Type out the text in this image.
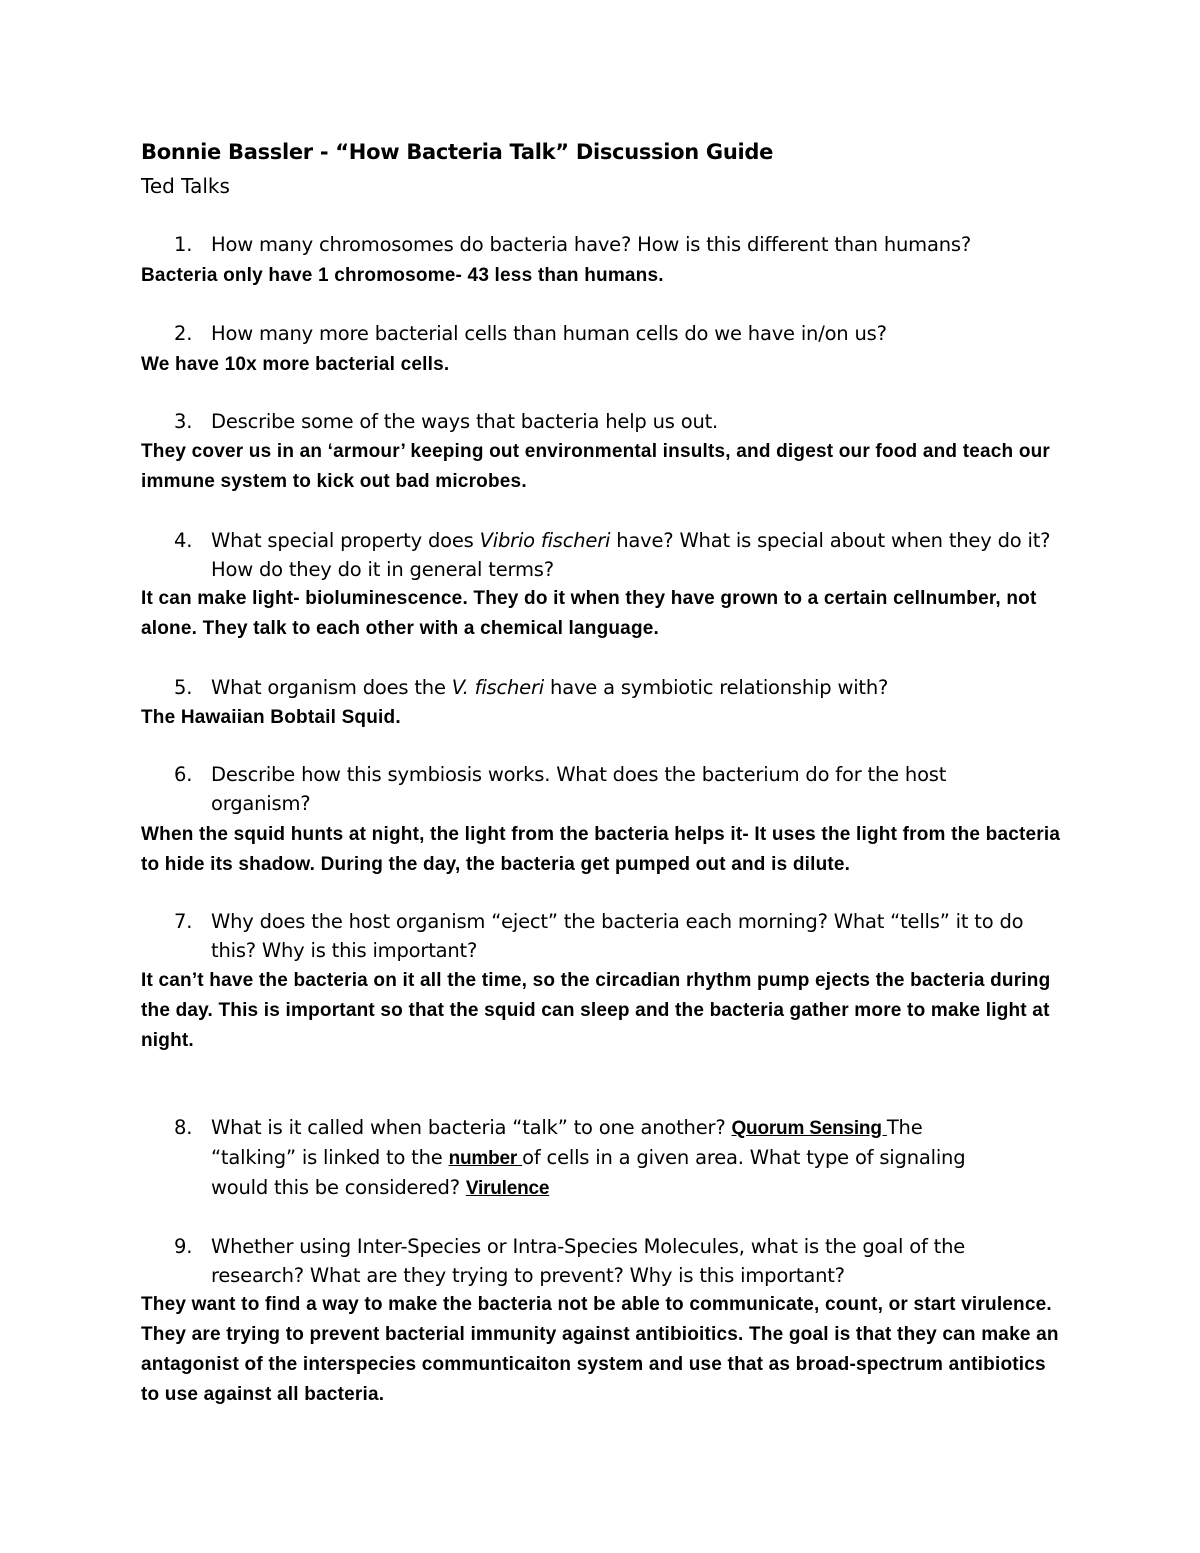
Bonnie Bassler - “How Bacteria Talk” Discussion Guide
Ted Talks
1. How many chromosomes do bacteria have? How is this different than humans?
Bacteria only have 1 chromosome- 43 less than humans.
2. How many more bacterial cells than human cells do we have in/on us?
We have 10x more bacterial cells.
3. Describe some of the ways that bacteria help us out.
They cover us in an ‘armour’ keeping out environmental insults, and digest our food and teach our immune system to kick out bad microbes.
4. What special property does Vibrio fischeri have? What is special about when they do it? How do they do it in general terms?
It can make light- bioluminescence. They do it when they have grown to a certain cellnumber, not alone. They talk to each other with a chemical language.
5. What organism does the V. fischeri have a symbiotic relationship with?
The Hawaiian Bobtail Squid.
6. Describe how this symbiosis works. What does the bacterium do for the host organism?
When the squid hunts at night, the light from the bacteria helps it- It uses the light from the bacteria to hide its shadow. During the day, the bacteria get pumped out and is dilute.
7. Why does the host organism “eject” the bacteria each morning? What “tells” it to do this? Why is this important?
It can’t have the bacteria on it all the time, so the circadian rhythm pump ejects the bacteria during the day. This is important so that the squid can sleep and the bacteria gather more to make light at night.
8. What is it called when bacteria “talk” to one another? Quorum Sensing The “talking” is linked to the number of cells in a given area. What type of signaling would this be considered? Virulence
9. Whether using Inter-Species or Intra-Species Molecules, what is the goal of the research? What are they trying to prevent? Why is this important?
They want to find a way to make the bacteria not be able to communicate, count, or start virulence. They are trying to prevent bacterial immunity against antibioitics. The goal is that they can make an antagonist of the interspecies communticaiton system and use that as broad-spectrum antibiotics to use against all bacteria.
